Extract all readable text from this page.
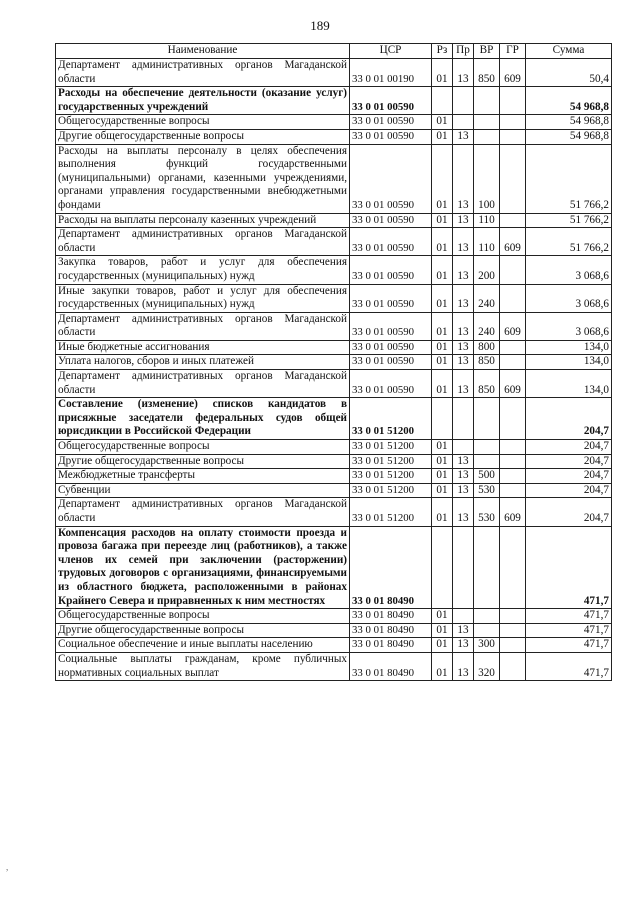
189
Наименование	ЦСР	Рз	Пр	ВР	ГР	Сумма
Департамент административных органов Магаданской области	33 0 01 00190	01	13	850	609	50,4
Расходы на обеспечение деятельности (оказание услуг) государственных учреждений	33 0 01 00590					54 968,8
Общегосударственные вопросы	33 0 01 00590	01				54 968,8
Другие общегосударственные вопросы	33 0 01 00590	01	13			54 968,8
Расходы на выплаты персоналу в целях обеспечения выполнения функций государственными (муниципальными) органами, казенными учреждениями, органами управления государственными внебюджетными фондами	33 0 01 00590	01	13	100		51 766,2
Расходы на выплаты персоналу казенных учреждений	33 0 01 00590	01	13	110		51 766,2
Департамент административных органов Магаданской области	33 0 01 00590	01	13	110	609	51 766,2
Закупка товаров, работ и услуг для обеспечения государственных (муниципальных) нужд	33 0 01 00590	01	13	200		3 068,6
Иные закупки товаров, работ и услуг для обеспечения государственных (муниципальных) нужд	33 0 01 00590	01	13	240		3 068,6
Департамент административных органов Магаданской области	33 0 01 00590	01	13	240	609	3 068,6
Иные бюджетные ассигнования	33 0 01 00590	01	13	800		134,0
Уплата налогов, сборов и иных платежей	33 0 01 00590	01	13	850		134,0
Департамент административных органов Магаданской области	33 0 01 00590	01	13	850	609	134,0
Составление (изменение) списков кандидатов в присяжные заседатели федеральных судов общей юрисдикции в Российской Федерации	33 0 01 51200					204,7
Общегосударственные вопросы	33 0 01 51200	01				204,7
Другие общегосударственные вопросы	33 0 01 51200	01	13			204,7
Межбюджетные трансферты	33 0 01 51200	01	13	500		204,7
Субвенции	33 0 01 51200	01	13	530		204,7
Департамент административных органов Магаданской области	33 0 01 51200	01	13	530	609	204,7
Компенсация расходов на оплату стоимости проезда и провоза багажа при переезде лиц (работников), а также членов их семей при заключении (расторжении) трудовых договоров с организациями, финансируемыми из областного бюджета, расположенными в районах Крайнего Севера и приравненных к ним местностях	33 0 01 80490					471,7
Общегосударственные вопросы	33 0 01 80490	01				471,7
Другие общегосударственные вопросы	33 0 01 80490	01	13			471,7
Социальное обеспечение и иные выплаты населению	33 0 01 80490	01	13	300		471,7
Социальные выплаты гражданам, кроме публичных нормативных социальных выплат	33 0 01 80490	01	13	320		471,7
,
